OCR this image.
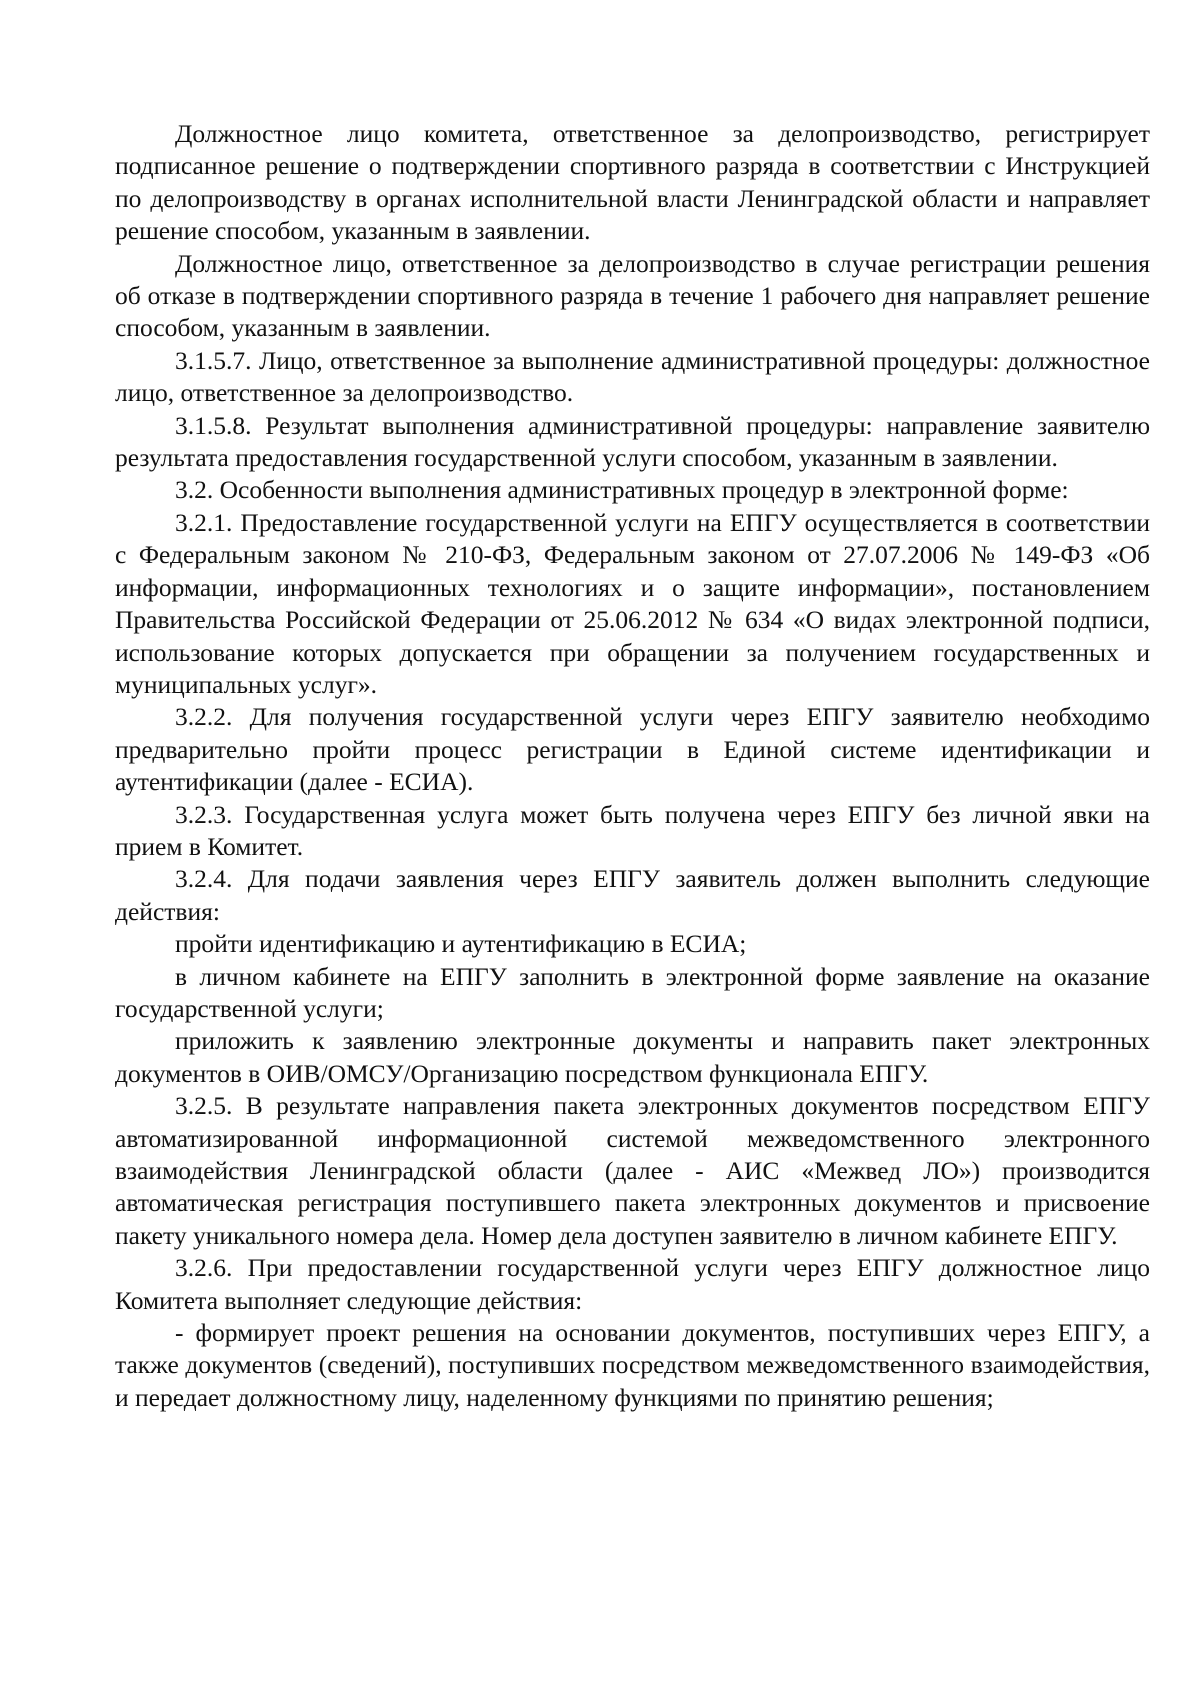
Должностное лицо комитета, ответственное за делопроизводство, регистрирует подписанное решение о подтверждении спортивного разряда в соответствии с Инструкцией по делопроизводству в органах исполнительной власти Ленинградской области и направляет решение способом, указанным в заявлении.

Должностное лицо, ответственное за делопроизводство в случае регистрации решения об отказе в подтверждении спортивного разряда в течение 1 рабочего дня направляет решение способом, указанным в заявлении.

3.1.5.7. Лицо, ответственное за выполнение административной процедуры: должностное лицо, ответственное за делопроизводство.

3.1.5.8. Результат выполнения административной процедуры: направление заявителю результата предоставления государственной услуги способом, указанным в заявлении.

3.2. Особенности выполнения административных процедур в электронной форме:

3.2.1. Предоставление государственной услуги на ЕПГУ осуществляется в соответствии с Федеральным законом № 210-ФЗ, Федеральным законом от 27.07.2006 № 149-ФЗ «Об информации, информационных технологиях и о защите информации», постановлением Правительства Российской Федерации от 25.06.2012 № 634 «О видах электронной подписи, использование которых допускается при обращении за получением государственных и муниципальных услуг».

3.2.2. Для получения государственной услуги через ЕПГУ заявителю необходимо предварительно пройти процесс регистрации в Единой системе идентификации и аутентификации (далее - ЕСИА).

3.2.3. Государственная услуга может быть получена через ЕПГУ без личной явки на прием в Комитет.

3.2.4. Для подачи заявления через ЕПГУ заявитель должен выполнить следующие действия:

пройти идентификацию и аутентификацию в ЕСИА;

в личном кабинете на ЕПГУ заполнить в электронной форме заявление на оказание государственной услуги;

приложить к заявлению электронные документы и направить пакет электронных документов в ОИВ/ОМСУ/Организацию посредством функционала ЕПГУ.

3.2.5. В результате направления пакета электронных документов посредством ЕПГУ автоматизированной информационной системой межведомственного электронного взаимодействия Ленинградской области (далее - АИС «Межвед ЛО») производится автоматическая регистрация поступившего пакета электронных документов и присвоение пакету уникального номера дела. Номер дела доступен заявителю в личном кабинете ЕПГУ.

3.2.6. При предоставлении государственной услуги через ЕПГУ должностное лицо Комитета выполняет следующие действия:

- формирует проект решения на основании документов, поступивших через ЕПГУ, а также документов (сведений), поступивших посредством межведомственного взаимодействия, и передает должностному лицу, наделенному функциями по принятию решения;
